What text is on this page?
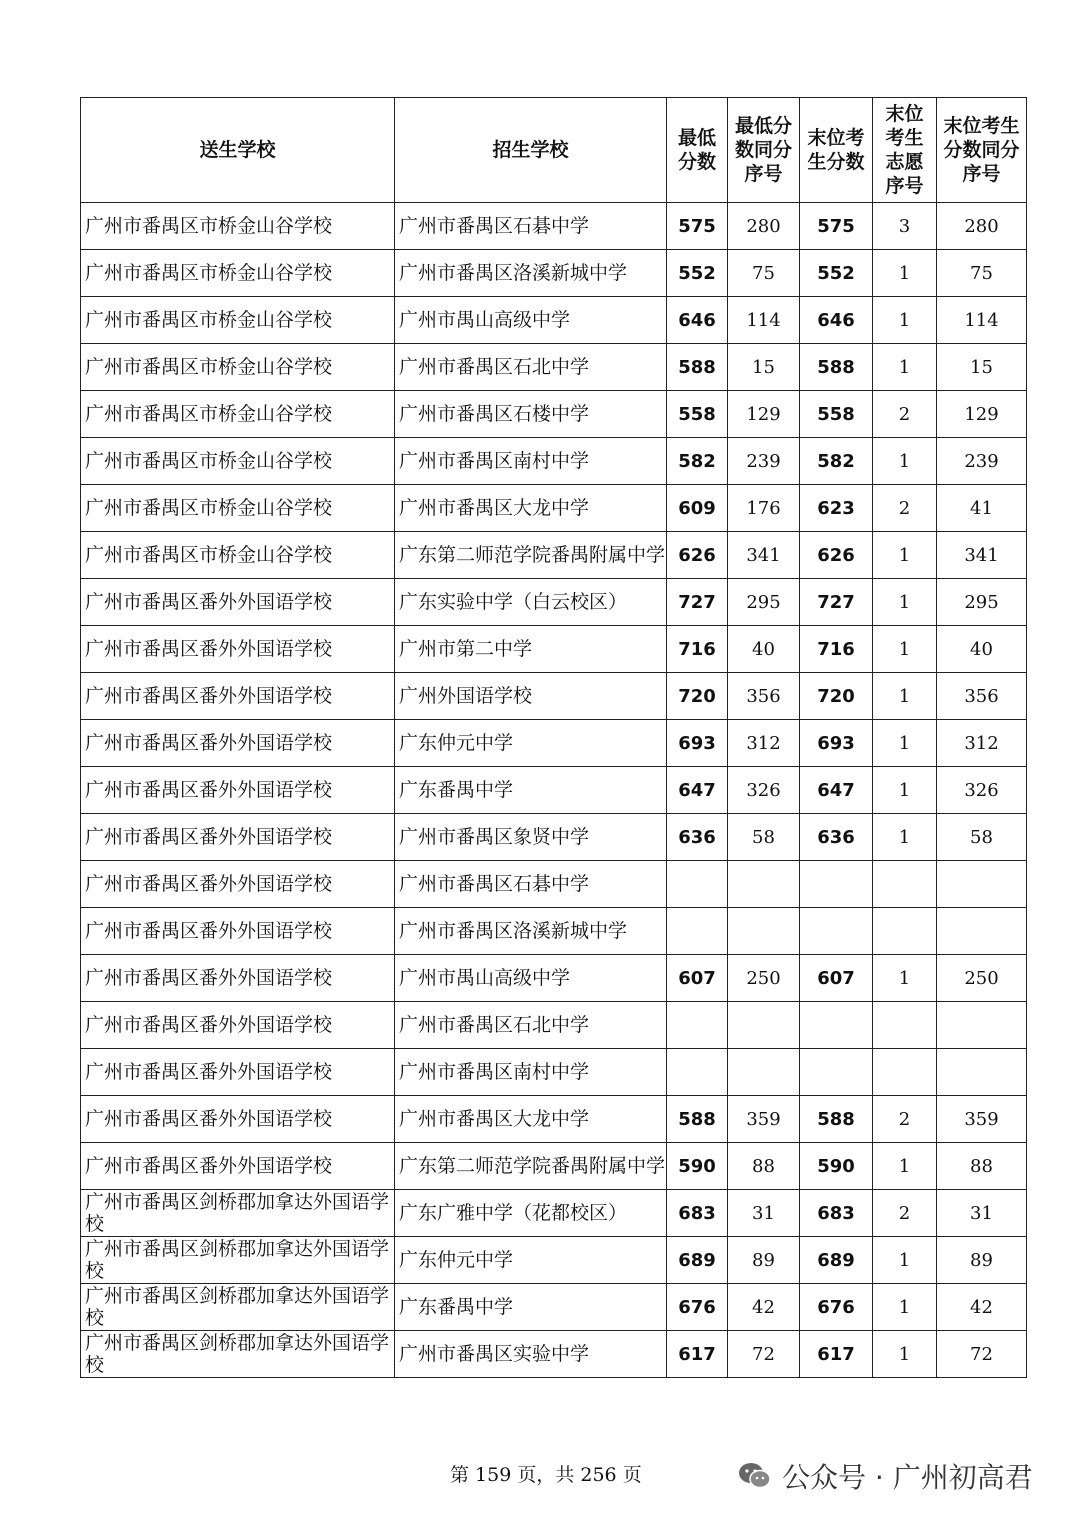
送生学校	招生学校	最低分数	最低分数同分序号	末位考生分数	末位考生志愿序号	末位考生分数同分序号

广州市番禺区市桥金山谷学校	广州市番禺区石碁中学	575	280	575	3	280
广州市番禺区市桥金山谷学校	广州市番禺区洛溪新城中学	552	75	552	1	75
广州市番禺区市桥金山谷学校	广州市禺山高级中学	646	114	646	1	114
广州市番禺区市桥金山谷学校	广州市番禺区石北中学	588	15	588	1	15
广州市番禺区市桥金山谷学校	广州市番禺区石楼中学	558	129	558	2	129
广州市番禺区市桥金山谷学校	广州市番禺区南村中学	582	239	582	1	239
广州市番禺区市桥金山谷学校	广州市番禺区大龙中学	609	176	623	2	41
广州市番禺区市桥金山谷学校	广东第二师范学院番禺附属中学	626	341	626	1	341
广州市番禺区番外外国语学校	广东实验中学（白云校区）	727	295	727	1	295
广州市番禺区番外外国语学校	广州市第二中学	716	40	716	1	40
广州市番禺区番外外国语学校	广州外国语学校	720	356	720	1	356
广州市番禺区番外外国语学校	广东仲元中学	693	312	693	1	312
广州市番禺区番外外国语学校	广东番禺中学	647	326	647	1	326
广州市番禺区番外外国语学校	广州市番禺区象贤中学	636	58	636	1	58
广州市番禺区番外外国语学校	广州市番禺区石碁中学					
广州市番禺区番外外国语学校	广州市番禺区洛溪新城中学					
广州市番禺区番外外国语学校	广州市禺山高级中学	607	250	607	1	250
广州市番禺区番外外国语学校	广州市番禺区石北中学					
广州市番禺区番外外国语学校	广州市番禺区南村中学					
广州市番禺区番外外国语学校	广州市番禺区大龙中学	588	359	588	2	359
广州市番禺区番外外国语学校	广东第二师范学院番禺附属中学	590	88	590	1	88
广州市番禺区剑桥郡加拿达外国语学校	广东广雅中学（花都校区）	683	31	683	2	31
广州市番禺区剑桥郡加拿达外国语学校	广东仲元中学	689	89	689	1	89
广州市番禺区剑桥郡加拿达外国语学校	广东番禺中学	676	42	676	1	42
广州市番禺区剑桥郡加拿达外国语学校	广州市番禺区实验中学	617	72	617	1	72
第 159 页，共 256 页	公众号 · 广州初高君
